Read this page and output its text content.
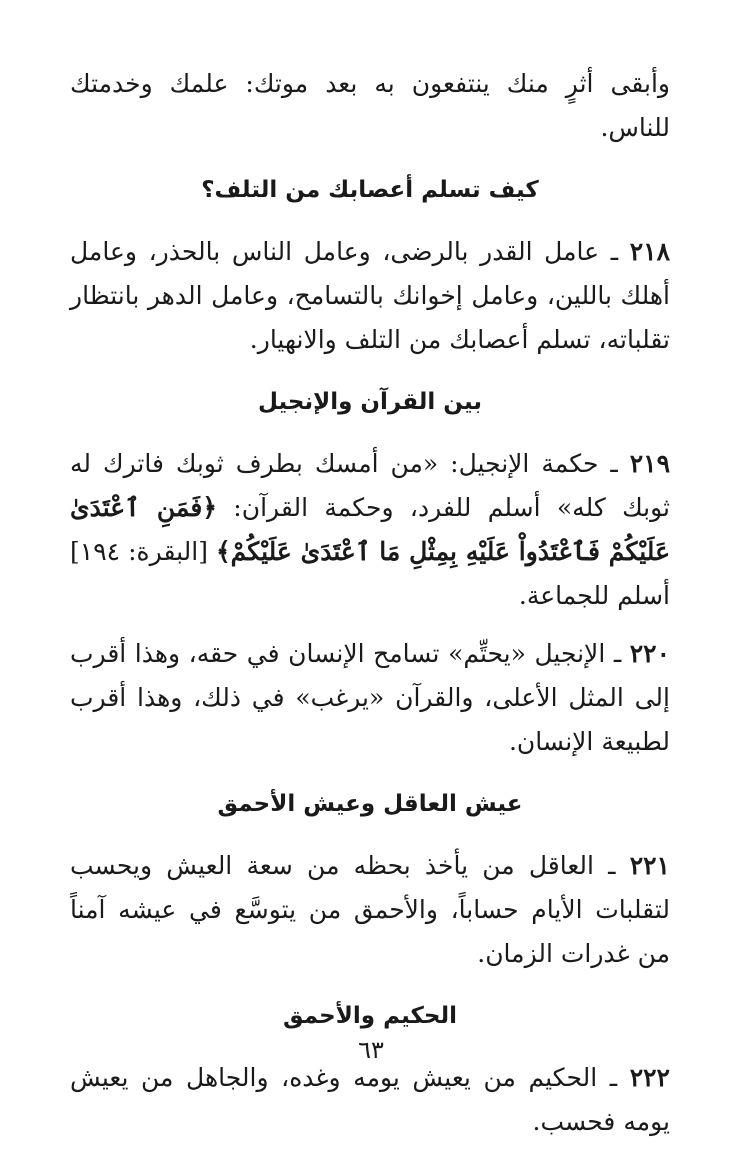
وأبقى أثرٍ منك ينتفعون به بعد موتك: علمك وخدمتك للناس.

كيف تسلم أعصابك من التلف؟

٢١٨ ـ عامل القدر بالرضى، وعامل الناس بالحذر، وعامل أهلك باللين، وعامل إخوانك بالتسامح، وعامل الدهر بانتظار تقلباته، تسلم أعصابك من التلف والانهيار.

بين القرآن والإنجيل

٢١٩ ـ حكمة الإنجيل: «من أمسك بطرف ثوبك فاترك له ثوبك كله» أسلم للفرد، وحكمة القرآن: ﴿فَمَنِ ٱعْتَدَىٰ عَلَيْكُمْ فَٱعْتَدُواْ عَلَيْهِ بِمِثْلِ مَا ٱعْتَدَىٰ عَلَيْكُمْ﴾ [البقرة: ١٩٤] أسلم للجماعة.

٢٢٠ ـ الإنجيل «يحتِّم» تسامح الإنسان في حقه، وهذا أقرب إلى المثل الأعلى، والقرآن «يرغب» في ذلك، وهذا أقرب لطبيعة الإنسان.

عيش العاقل وعيش الأحمق

٢٢١ ـ العاقل من يأخذ بحظه من سعة العيش ويحسب لتقلبات الأيام حساباً، والأحمق من يتوسَّع في عيشه آمناً من غدرات الزمان.

الحكيم والأحمق

٢٢٢ ـ الحكيم من يعيش يومه وغده، والجاهل من يعيش يومه فحسب.

٦٣
